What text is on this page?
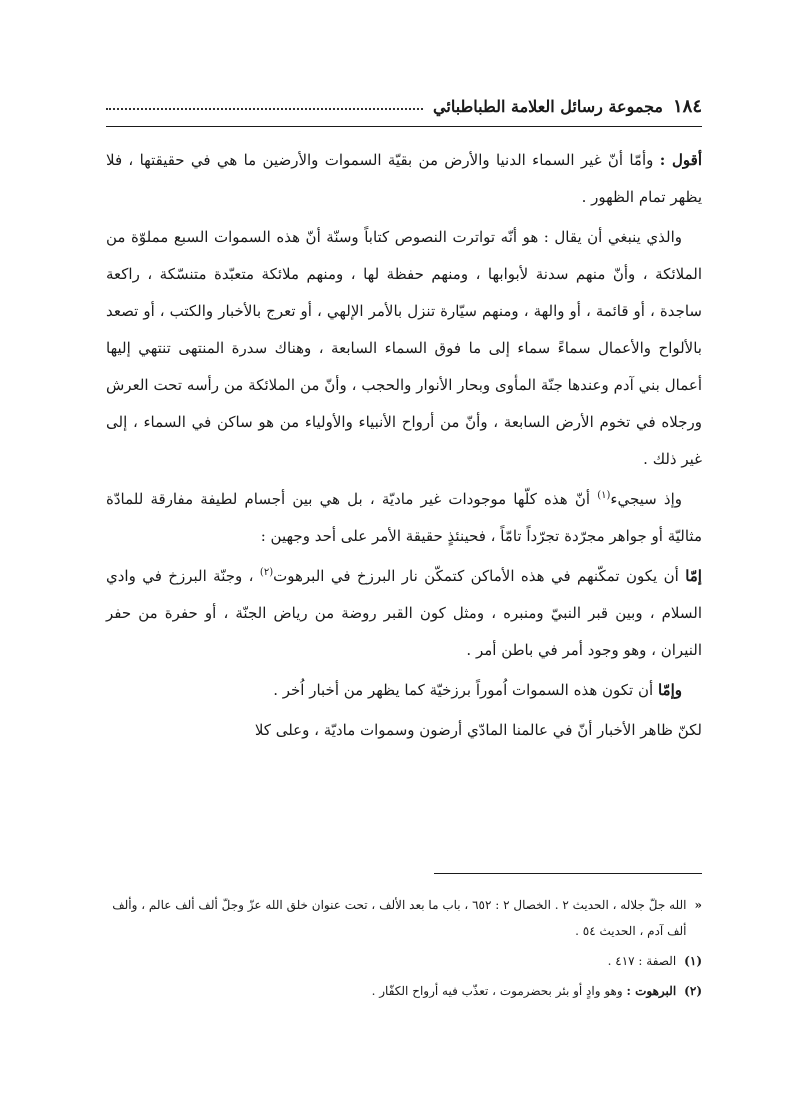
١٨٤
مجموعة رسائل العلامة الطباطبائي

أقول : وأمّا أنّ غير السماء الدنيا والأرض من بقيّة السموات والأرضين ما هي في حقيقتها ، فلا يظهر تمام الظهور .

والذي ينبغي أن يقال : هو أنّه تواترت النصوص كتاباً وسنّة أنّ هذه السموات السبع مملوّة من الملائكة ، وأنّ منهم سدنة لأبوابها ، ومنهم حفظة لها ، ومنهم ملائكة متعبّدة متنسّكة ، راكعة ساجدة ، أو قائمة ، أو والهة ، ومنهم سيّارة تنزل بالأمر الإلهي ، أو تعرج بالأخبار والكتب ، أو تصعد بالألواح والأعمال سماءً سماء إلى ما فوق السماء السابعة ، وهناك سدرة المنتهى تنتهي إليها أعمال بني آدم وعندها جنّة المأوى وبحار الأنوار والحجب ، وأنّ من الملائكة من رأسه تحت العرش ورجلاه في تخوم الأرض السابعة ، وأنّ من أرواح الأنبياء والأولياء من هو ساكن في السماء ، إلى غير ذلك .

وإذ سيجيء$^{(١)}$ أنّ هذه كلّها موجودات غير ماديّة ، بل هي بين أجسام لطيفة مفارقة للمادّة مثاليّة أو جواهر مجرّدة تجرّداً تامّاً ، فحينئذٍ حقيقة الأمر على أحد وجهين :

إمّا أن يكون تمكّنهم في هذه الأماكن كتمكّن نار البرزخ في البرهوت$^{(٢)}$ ، وجنّة البرزخ في وادي السلام ، وبين قبر النبيّ ومنبره ، ومثل كون القبر روضة من رياض الجنّة ، أو حفرة من حفر النيران ، وهو وجود أمر في باطن أمر .

وإمّا أن تكون هذه السموات اُموراً برزخيّة كما يظهر من أخبار اُخر .

لكنّ ظاهر الأخبار أنّ في عالمنا المادّي أرضون وسموات ماديّة ، وعلى كلا

«
الله جلّ جلاله ، الحديث ٢ . الخصال ٢ : ٦٥٢ ، باب ما بعد الألف ، تحت عنوان خلق الله عزّ وجلّ ألف ألف عالم ، وألف ألف آدم ، الحديث ٥٤ .
(١)
الصفة : ٤١٧ .
(٢)
البرهوت : وهو وادٍ أو بئر بحضرموت ، تعذّب فيه أرواح الكفّار .
